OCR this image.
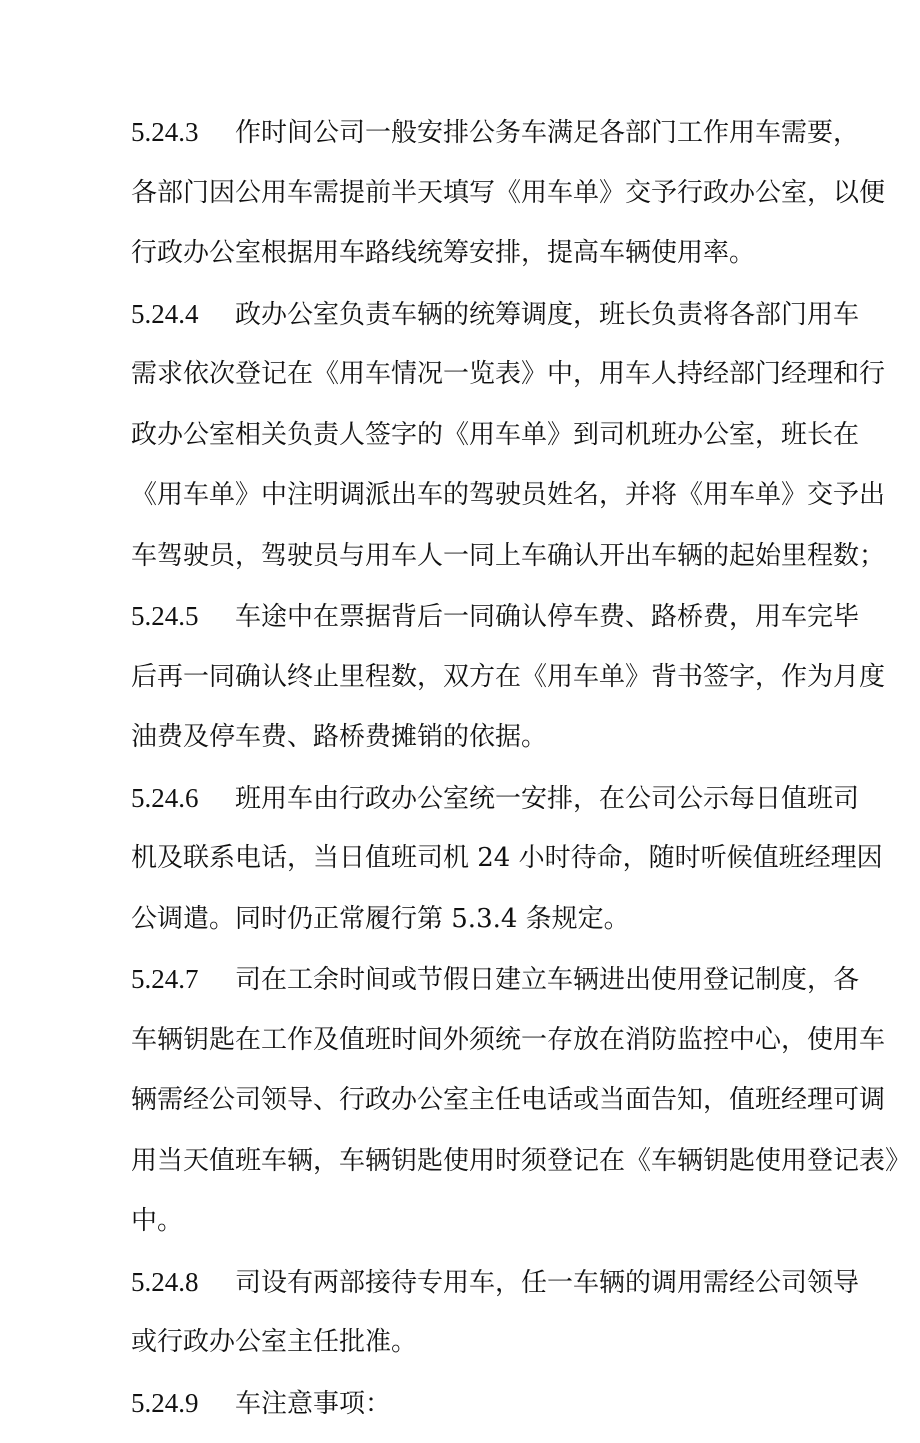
5.24.3 作时间公司一般安排公务车满足各部门工作用车需要，
各部门因公用车需提前半天填写《用车单》交予行政办公室，以便
行政办公室根据用车路线统筹安排，提高车辆使用率。
5.24.4 政办公室负责车辆的统筹调度，班长负责将各部门用车
需求依次登记在《用车情况一览表》中，用车人持经部门经理和行
政办公室相关负责人签字的《用车单》到司机班办公室，班长在
《用车单》中注明调派出车的驾驶员姓名，并将《用车单》交予出
车驾驶员，驾驶员与用车人一同上车确认开出车辆的起始里程数；
5.24.5 车途中在票据背后一同确认停车费、路桥费，用车完毕
后再一同确认终止里程数，双方在《用车单》背书签字，作为月度
油费及停车费、路桥费摊销的依据。
5.24.6 班用车由行政办公室统一安排，在公司公示每日值班司
机及联系电话，当日值班司机 24 小时待命，随时听候值班经理因
公调遣。同时仍正常履行第 5.3.4 条规定。
5.24.7 司在工余时间或节假日建立车辆进出使用登记制度，各
车辆钥匙在工作及值班时间外须统一存放在消防监控中心，使用车
辆需经公司领导、行政办公室主任电话或当面告知，值班经理可调
用当天值班车辆，车辆钥匙使用时须登记在《车辆钥匙使用登记表》
中。
5.24.8 司设有两部接待专用车，任一车辆的调用需经公司领导
或行政办公室主任批准。
5.24.9 车注意事项：
